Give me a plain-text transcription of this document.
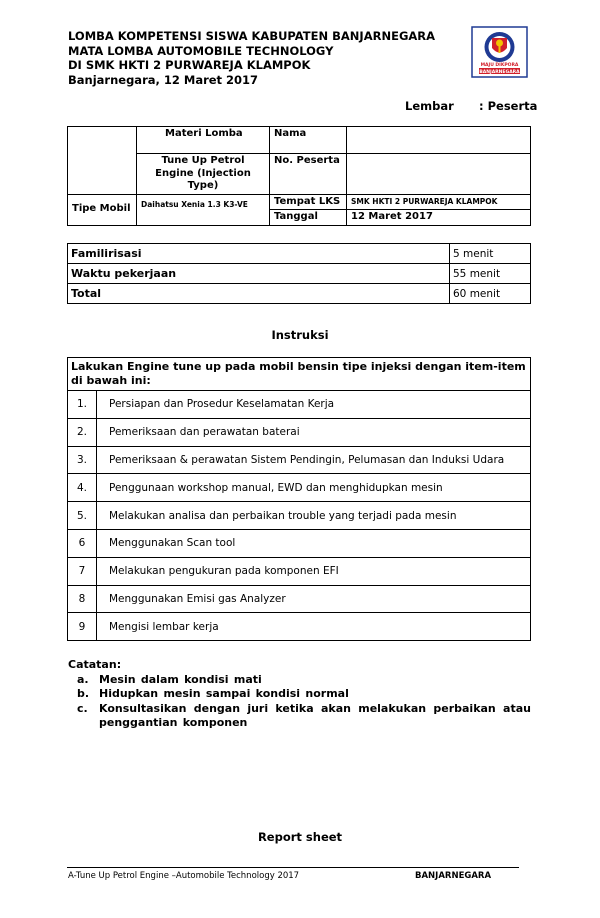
LOMBA KOMPETENSI SISWA KABUPATEN BANJARNEGARA
MATA LOMBA AUTOMOBILE TECHNOLOGY
DI SMK HKTI 2 PURWAREJA KLAMPOK
Banjarnegara, 12 Maret 2017
MAJU DIKPORA
BANJARNEGARA
Lembar : Peserta
	Materi Lomba	Nama	
	Tune Up Petrol Engine (Injection Type)	No. Peserta	
Tipe Mobil	Daihatsu Xenia 1.3 K3-VE	Tempat LKS	SMK HKTI 2 PURWAREJA KLAMPOK
		Tanggal	12 Maret 2017
Familirisasi	5 menit
Waktu pekerjaan	55 menit
Total	60 menit
Instruksi
Lakukan Engine tune up pada mobil bensin tipe injeksi dengan item-item di bawah ini:	
1.	Persiapan dan Prosedur Keselamatan Kerja
2.	Pemeriksaan dan perawatan baterai
3.	Pemeriksaan & perawatan Sistem Pendingin, Pelumasan dan Induksi Udara
4.	Penggunaan workshop manual, EWD dan menghidupkan mesin
5.	Melakukan analisa dan perbaikan trouble yang terjadi pada mesin
6	Menggunakan Scan tool
7	Melakukan pengukuran pada komponen EFI
8	Menggunakan Emisi gas Analyzer
9	Mengisi lembar kerja
Catatan:
a. Mesin dalam kondisi mati
b. Hidupkan mesin sampai kondisi normal
c. Konsultasikan dengan juri ketika akan melakukan perbaikan atau penggantian komponen
Report sheet
A-Tune Up Petrol Engine –Automobile Technology 2017	BANJARNEGARA
